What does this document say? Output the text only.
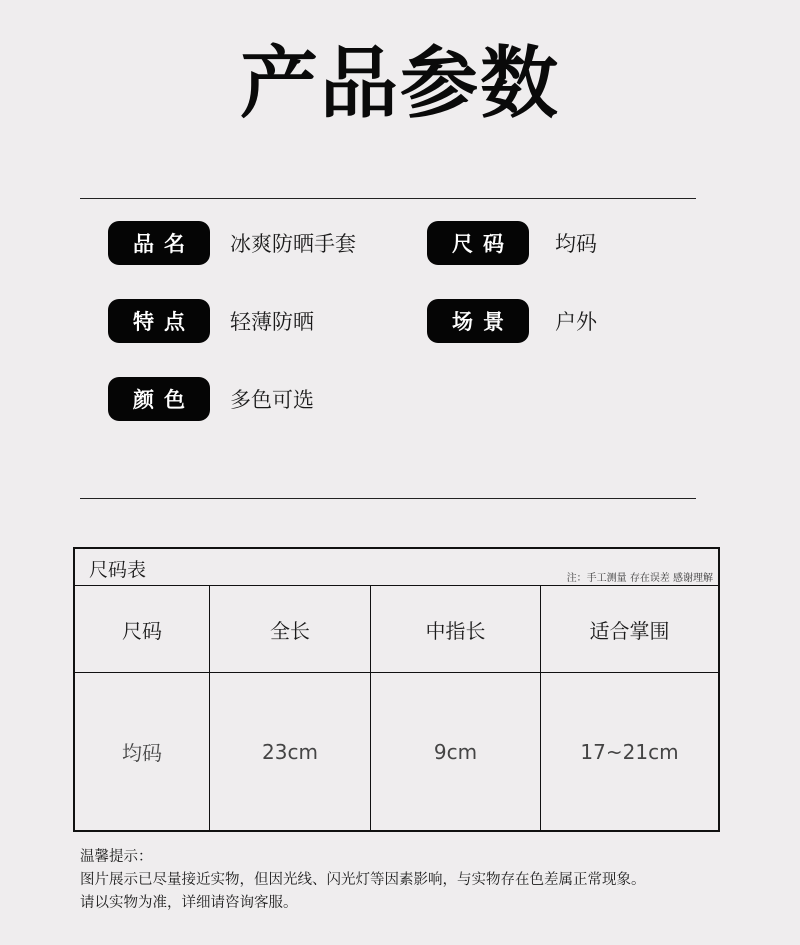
产品参数
品名	冰爽防晒手套	尺码	均码
特点	轻薄防晒	场景	户外
颜色	多色可选
尺码表	注：手工测量 存在误差 感谢理解
尺码	全长	中指长	适合掌围
均码	23cm	9cm	17~21cm
温馨提示：
图片展示已尽量接近实物，但因光线、闪光灯等因素影响，与实物存在色差属正常现象。
请以实物为准，详细请咨询客服。
